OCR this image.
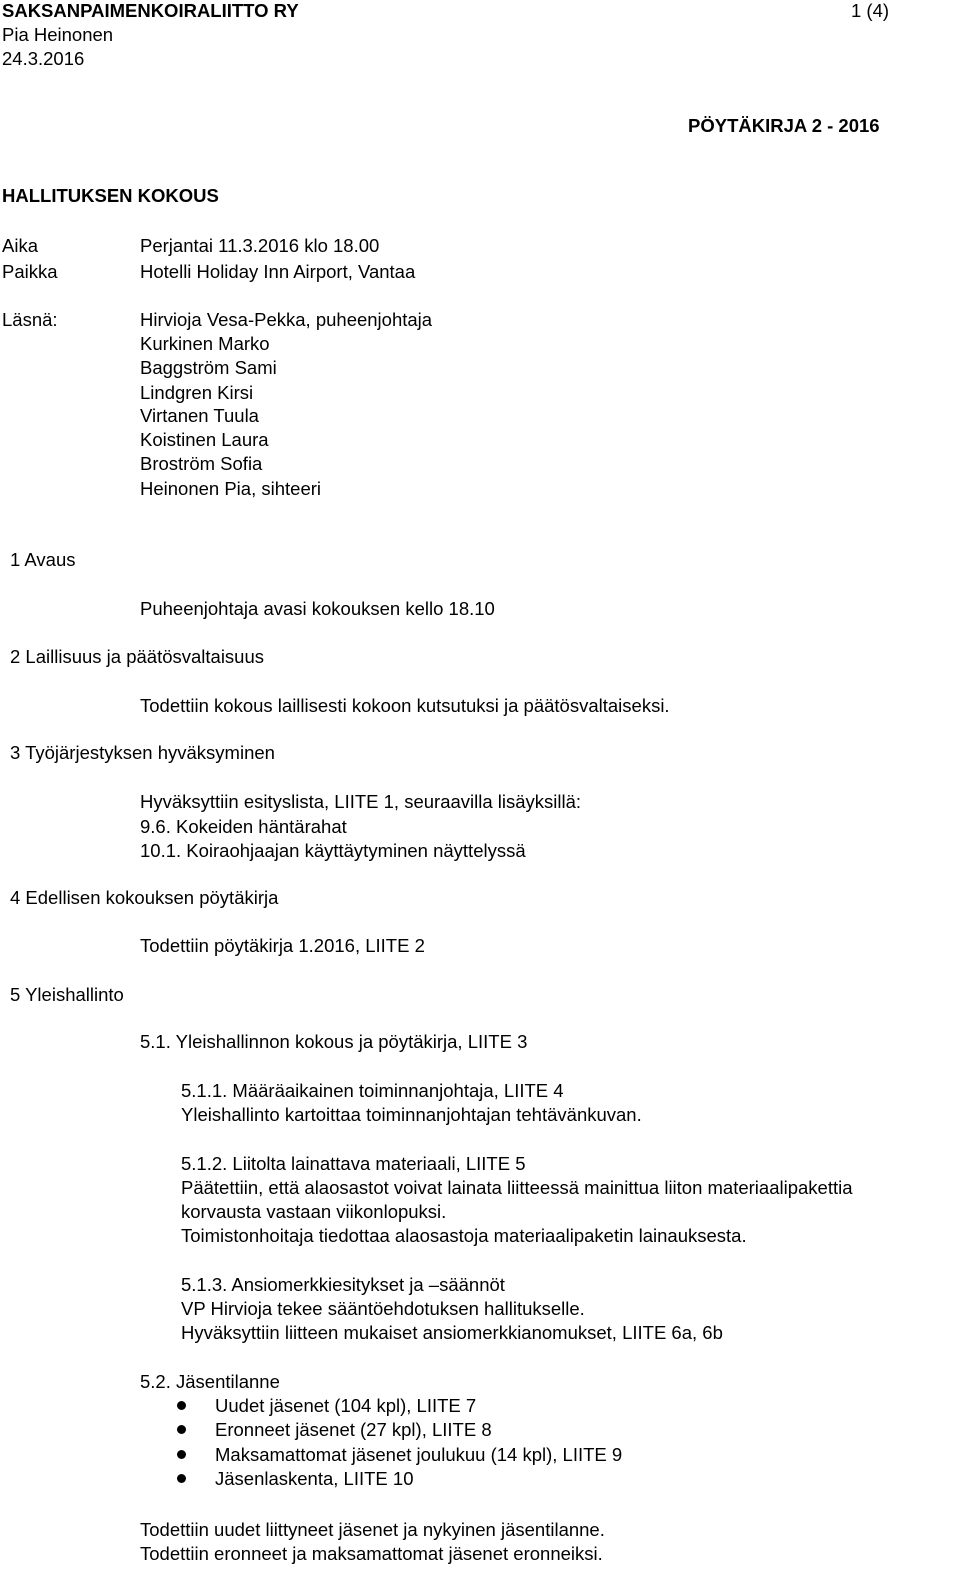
SAKSANPAIMENKOIRALIITTO RY	1 (4)
Pia Heinonen
24.3.2016
PÖYTÄKIRJA 2 - 2016
HALLITUKSEN KOKOUS
Aika	Perjantai 11.3.2016 klo 18.00
Paikka	Hotelli Holiday Inn Airport, Vantaa
Läsnä:	Hirvioja Vesa-Pekka, puheenjohtaja
Kurkinen Marko
Baggström Sami
Lindgren Kirsi
Virtanen Tuula
Koistinen Laura
Broström Sofia
Heinonen Pia, sihteeri
1 Avaus
Puheenjohtaja avasi kokouksen kello 18.10
2 Laillisuus ja päätösvaltaisuus
Todettiin kokous laillisesti kokoon kutsutuksi ja päätösvaltaiseksi.
3 Työjärjestyksen hyväksyminen
Hyväksyttiin esityslista, LIITE 1, seuraavilla lisäyksillä:
9.6. Kokeiden häntärahat
10.1. Koiraohjaajan käyttäytyminen näyttelyssä
4 Edellisen kokouksen pöytäkirja
Todettiin pöytäkirja 1.2016, LIITE 2
5 Yleishallinto
5.1. Yleishallinnon kokous ja pöytäkirja, LIITE 3
5.1.1. Määräaikainen toiminnanjohtaja, LIITE 4
Yleishallinto kartoittaa toiminnanjohtajan tehtävänkuvan.
5.1.2. Liitolta lainattava materiaali, LIITE 5
Päätettiin, että alaosastot voivat lainata liitteessä mainittua liiton materiaalipakettia
korvausta vastaan viikonlopuksi.
Toimistonhoitaja tiedottaa alaosastoja materiaalipaketin lainauksesta.
5.1.3. Ansiomerkkiesitykset ja –säännöt
VP Hirvioja tekee sääntöehdotuksen hallitukselle.
Hyväksyttiin liitteen mukaiset ansiomerkkianomukset, LIITE 6a, 6b
5.2. Jäsentilanne
Uudet jäsenet (104 kpl), LIITE 7
Eronneet jäsenet (27 kpl), LIITE 8
Maksamattomat jäsenet joulukuu (14 kpl), LIITE 9
Jäsenlaskenta, LIITE 10
Todettiin uudet liittyneet jäsenet ja nykyinen jäsentilanne.
Todettiin eronneet ja maksamattomat jäsenet eronneiksi.
